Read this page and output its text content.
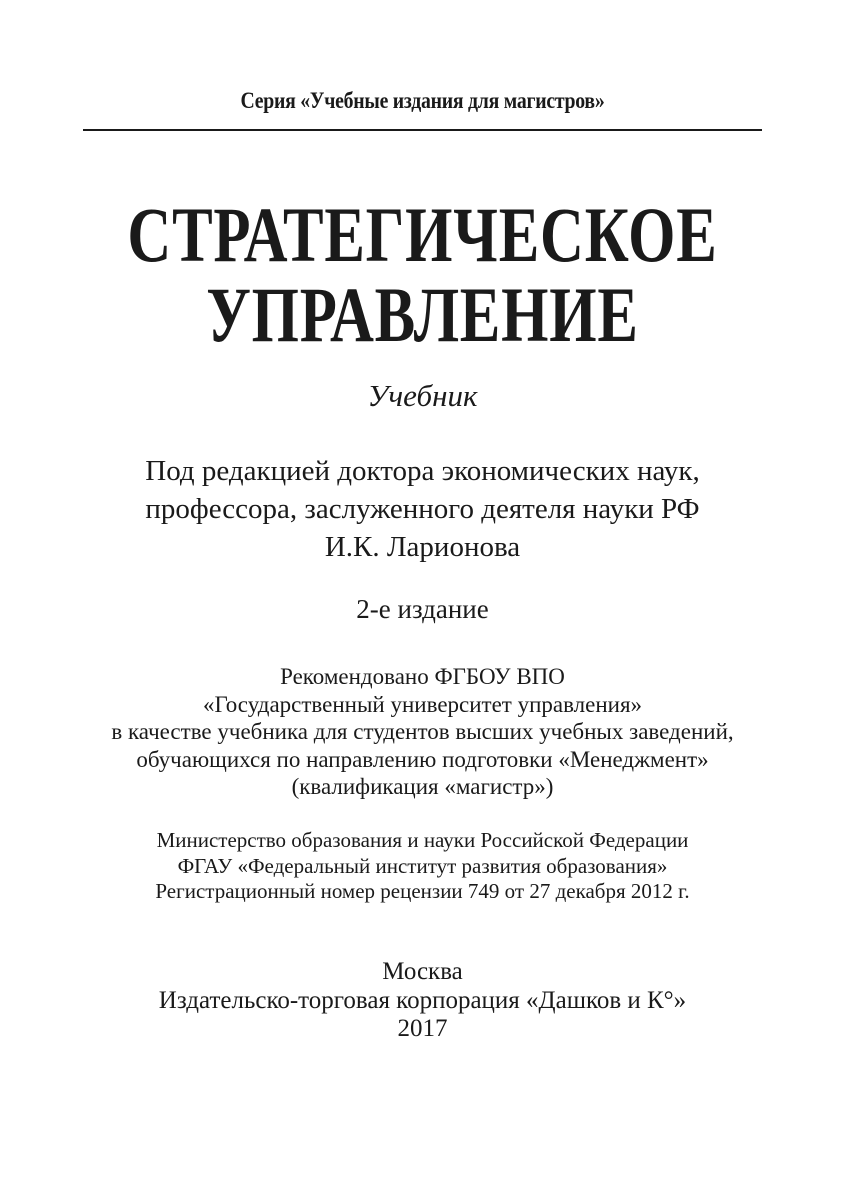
Серия «Учебные издания для магистров»
СТРАТЕГИЧЕСКОЕ
УПРАВЛЕНИЕ
Учебник
Под редакцией доктора экономических наук,
профессора, заслуженного деятеля науки РФ
И.К. Ларионова
2-е издание
Рекомендовано ФГБОУ ВПО
«Государственный университет управления»
в качестве учебника для студентов высших учебных заведений,
обучающихся по направлению подготовки «Менеджмент»
(квалификация «магистр»)
Министерство образования и науки Российской Федерации
ФГАУ «Федеральный институт развития образования»
Регистрационный номер рецензии 749 от 27 декабря 2012 г.
Москва
Издательско-торговая корпорация «Дашков и К°»
2017
